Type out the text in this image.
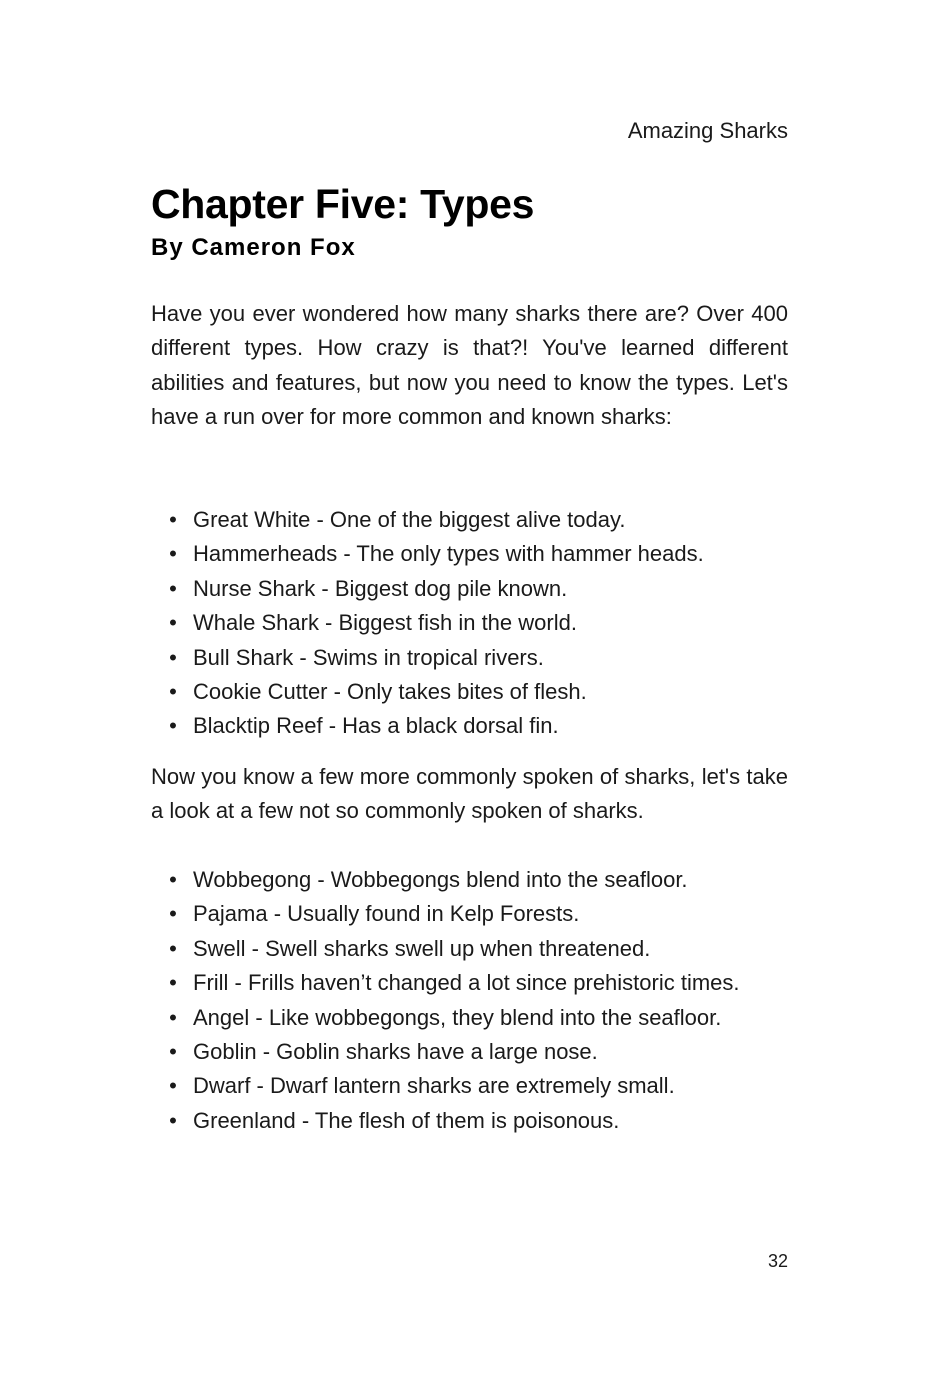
Amazing Sharks
Chapter Five: Types
By Cameron Fox

Have you ever wondered how many sharks there are? Over 400 different types. How crazy is that?! You've learned different abilities and features, but now you need to know the types. Let's have a run over for more common and known sharks:

• Great White - One of the biggest alive today.
• Hammerheads - The only types with hammer heads.
• Nurse Shark - Biggest dog pile known.
• Whale Shark - Biggest fish in the world.
• Bull Shark - Swims in tropical rivers.
• Cookie Cutter - Only takes bites of flesh.
• Blacktip Reef - Has a black dorsal fin.

Now you know a few more commonly spoken of sharks, let's take a look at a few not so commonly spoken of sharks.

• Wobbegong - Wobbegongs blend into the seafloor.
• Pajama - Usually found in Kelp Forests.
• Swell - Swell sharks swell up when threatened.
• Frill - Frills haven’t changed a lot since prehistoric times.
• Angel - Like wobbegongs, they blend into the seafloor.
• Goblin - Goblin sharks have a large nose.
• Dwarf - Dwarf lantern sharks are extremely small.
• Greenland - The flesh of them is poisonous.
32
